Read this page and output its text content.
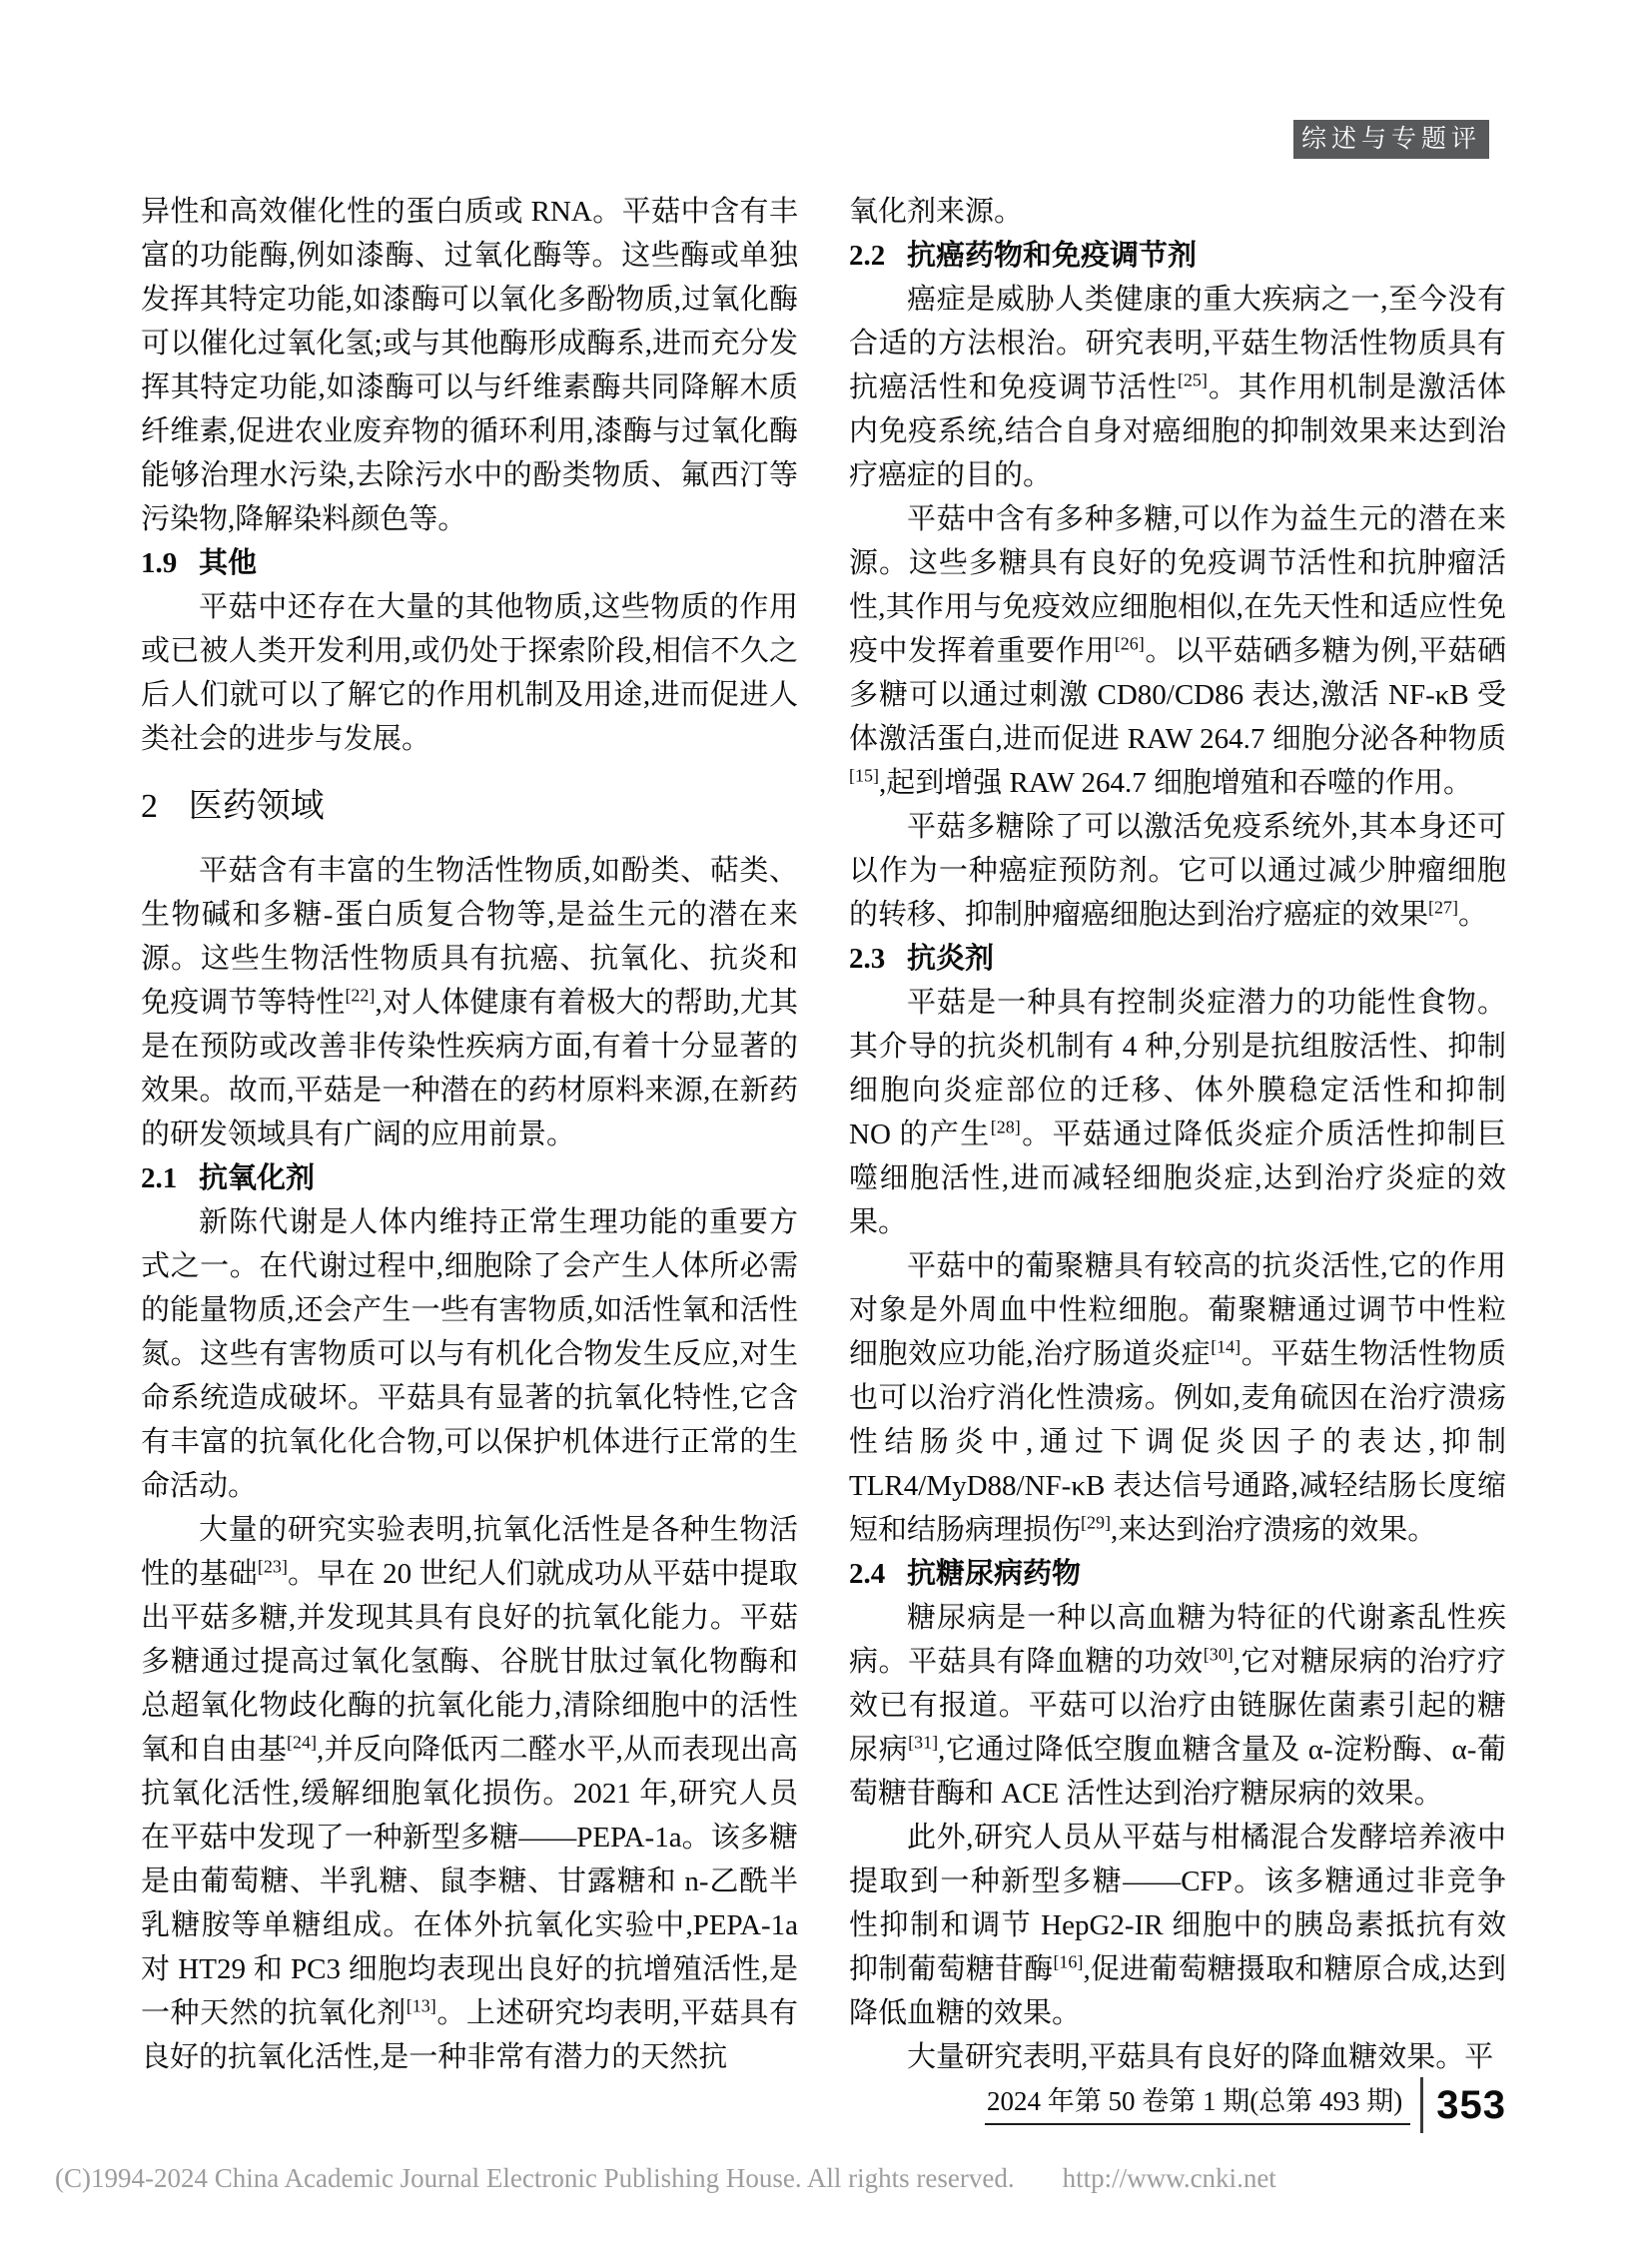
综述与专题评论

异性和高效催化性的蛋白质或 RNA。平菇中含有丰富的功能酶,例如漆酶、过氧化酶等。这些酶或单独发挥其特定功能,如漆酶可以氧化多酚物质,过氧化酶可以催化过氧化氢;或与其他酶形成酶系,进而充分发挥其特定功能,如漆酶可以与纤维素酶共同降解木质纤维素,促进农业废弃物的循环利用,漆酶与过氧化酶能够治理水污染,去除污水中的酚类物质、氟西汀等污染物,降解染料颜色等。

1.9 其他

平菇中还存在大量的其他物质,这些物质的作用或已被人类开发利用,或仍处于探索阶段,相信不久之后人们就可以了解它的作用机制及用途,进而促进人类社会的进步与发展。

2 医药领域

平菇含有丰富的生物活性物质,如酚类、萜类、生物碱和多糖-蛋白质复合物等,是益生元的潜在来源。这些生物活性物质具有抗癌、抗氧化、抗炎和免疫调节等特性[22],对人体健康有着极大的帮助,尤其是在预防或改善非传染性疾病方面,有着十分显著的效果。故而,平菇是一种潜在的药材原料来源,在新药的研发领域具有广阔的应用前景。

2.1 抗氧化剂

新陈代谢是人体内维持正常生理功能的重要方式之一。在代谢过程中,细胞除了会产生人体所必需的能量物质,还会产生一些有害物质,如活性氧和活性氮。这些有害物质可以与有机化合物发生反应,对生命系统造成破坏。平菇具有显著的抗氧化特性,它含有丰富的抗氧化化合物,可以保护机体进行正常的生命活动。

大量的研究实验表明,抗氧化活性是各种生物活性的基础[23]。早在 20 世纪人们就成功从平菇中提取出平菇多糖,并发现其具有良好的抗氧化能力。平菇多糖通过提高过氧化氢酶、谷胱甘肽过氧化物酶和总超氧化物歧化酶的抗氧化能力,清除细胞中的活性氧和自由基[24],并反向降低丙二醛水平,从而表现出高抗氧化活性,缓解细胞氧化损伤。2021 年,研究人员在平菇中发现了一种新型多糖——PEPA-1a。该多糖是由葡萄糖、半乳糖、鼠李糖、甘露糖和 n-乙酰半乳糖胺等单糖组成。在体外抗氧化实验中,PEPA-1a 对 HT29 和 PC3 细胞均表现出良好的抗增殖活性,是一种天然的抗氧化剂[13]。上述研究均表明,平菇具有良好的抗氧化活性,是一种非常有潜力的天然抗

氧化剂来源。

2.2 抗癌药物和免疫调节剂

癌症是威胁人类健康的重大疾病之一,至今没有合适的方法根治。研究表明,平菇生物活性物质具有抗癌活性和免疫调节活性[25]。其作用机制是激活体内免疫系统,结合自身对癌细胞的抑制效果来达到治疗癌症的目的。

平菇中含有多种多糖,可以作为益生元的潜在来源。这些多糖具有良好的免疫调节活性和抗肿瘤活性,其作用与免疫效应细胞相似,在先天性和适应性免疫中发挥着重要作用[26]。以平菇硒多糖为例,平菇硒多糖可以通过刺激 CD80/CD86 表达,激活 NF-κB 受体激活蛋白,进而促进 RAW 264.7 细胞分泌各种物质[15],起到增强 RAW 264.7 细胞增殖和吞噬的作用。

平菇多糖除了可以激活免疫系统外,其本身还可以作为一种癌症预防剂。它可以通过减少肿瘤细胞的转移、抑制肿瘤癌细胞达到治疗癌症的效果[27]。

2.3 抗炎剂

平菇是一种具有控制炎症潜力的功能性食物。其介导的抗炎机制有 4 种,分别是抗组胺活性、抑制细胞向炎症部位的迁移、体外膜稳定活性和抑制 NO 的产生[28]。平菇通过降低炎症介质活性抑制巨噬细胞活性,进而减轻细胞炎症,达到治疗炎症的效果。

平菇中的葡聚糖具有较高的抗炎活性,它的作用对象是外周血中性粒细胞。葡聚糖通过调节中性粒细胞效应功能,治疗肠道炎症[14]。平菇生物活性物质也可以治疗消化性溃疡。例如,麦角硫因在治疗溃疡性结肠炎中,通过下调促炎因子的表达,抑制 TLR4/MyD88/NF-κB 表达信号通路,减轻结肠长度缩短和结肠病理损伤[29],来达到治疗溃疡的效果。

2.4 抗糖尿病药物

糖尿病是一种以高血糖为特征的代谢紊乱性疾病。平菇具有降血糖的功效[30],它对糖尿病的治疗疗效已有报道。平菇可以治疗由链脲佐菌素引起的糖尿病[31],它通过降低空腹血糖含量及 α-淀粉酶、α-葡萄糖苷酶和 ACE 活性达到治疗糖尿病的效果。

此外,研究人员从平菇与柑橘混合发酵培养液中提取到一种新型多糖——CFP。该多糖通过非竞争性抑制和调节 HepG2-IR 细胞中的胰岛素抵抗有效抑制葡萄糖苷酶[16],促进葡萄糖摄取和糖原合成,达到降低血糖的效果。

大量研究表明,平菇具有良好的降血糖效果。平

2024 年第 50 卷第 1 期(总第 493 期) 353
(C)1994-2024 China Academic Journal Electronic Publishing House. All rights reserved. http://www.cnki.net
